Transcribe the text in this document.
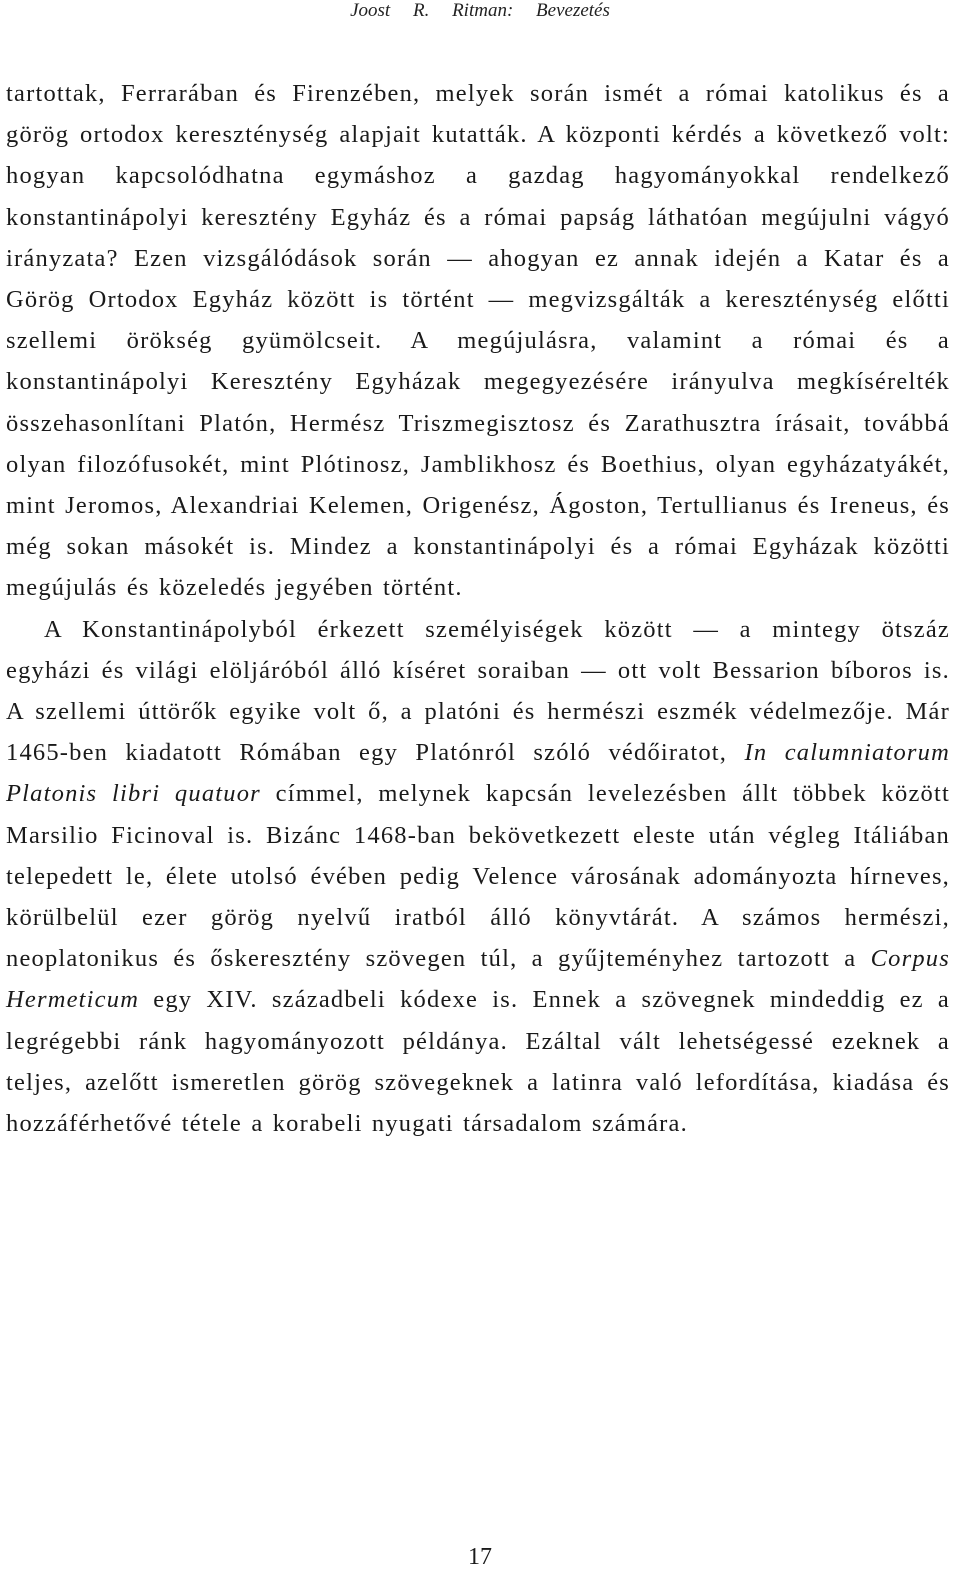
Joost R. Ritman: Bevezetés

tartottak, Ferrarában és Firenzében, melyek során ismét a római katolikus és a görög ortodox kereszténység alapjait kutatták. A központi kérdés a következő volt: hogyan kapcsolódhatna egymáshoz a gazdag hagyományokkal rendelkező konstantinápolyi keresztény Egyház és a római papság láthatóan megújulni vágyó irányzata? Ezen vizsgálódások során — ahogyan ez annak idején a Katar és a Görög Ortodox Egyház között is történt — megvizsgálták a kereszténység előtti szellemi örökség gyümölcseit. A megújulásra, valamint a római és a konstantinápolyi Keresztény Egyházak megegyezésére irányulva megkísérelték összehasonlítani Platón, Hermész Triszmegisztosz és Zarathusztra írásait, továbbá olyan filozófusokét, mint Plótinosz, Jamblikhosz és Boethius, olyan egyházatyákét, mint Jeromos, Alexandriai Kelemen, Origenész, Ágoston, Tertullianus és Ireneus, és még sokan másokét is. Mindez a konstantinápolyi és a római Egyházak közötti megújulás és közeledés jegyében történt.

A Konstantinápolyból érkezett személyiségek között — a mintegy ötszáz egyházi és világi elöljáróból álló kíséret soraiban — ott volt Bessarion bíboros is. A szellemi úttörők egyike volt ő, a platóni és hermészi eszmék védelmezője. Már 1465-ben kiadatott Rómában egy Platónról szóló védőiratot, In calumniatorum Platonis libri quatuor címmel, melynek kapcsán levelezésben állt többek között Marsilio Ficinoval is. Bizánc 1468-ban bekövetkezett eleste után végleg Itáliában telepedett le, élete utolsó évében pedig Velence városának adományozta hírneves, körülbelül ezer görög nyelvű iratból álló könyvtárát. A számos hermészi, neoplatonikus és őskeresztény szövegen túl, a gyűjteményhez tartozott a Corpus Hermeticum egy XIV. századbeli kódexe is. Ennek a szövegnek mindeddig ez a legrégebbi ránk hagyományozott példánya. Ezáltal vált lehetségessé ezeknek a teljes, azelőtt ismeretlen görög szövegeknek a latinra való lefordítása, kiadása és hozzáférhetővé tétele a korabeli nyugati társadalom számára.

17
